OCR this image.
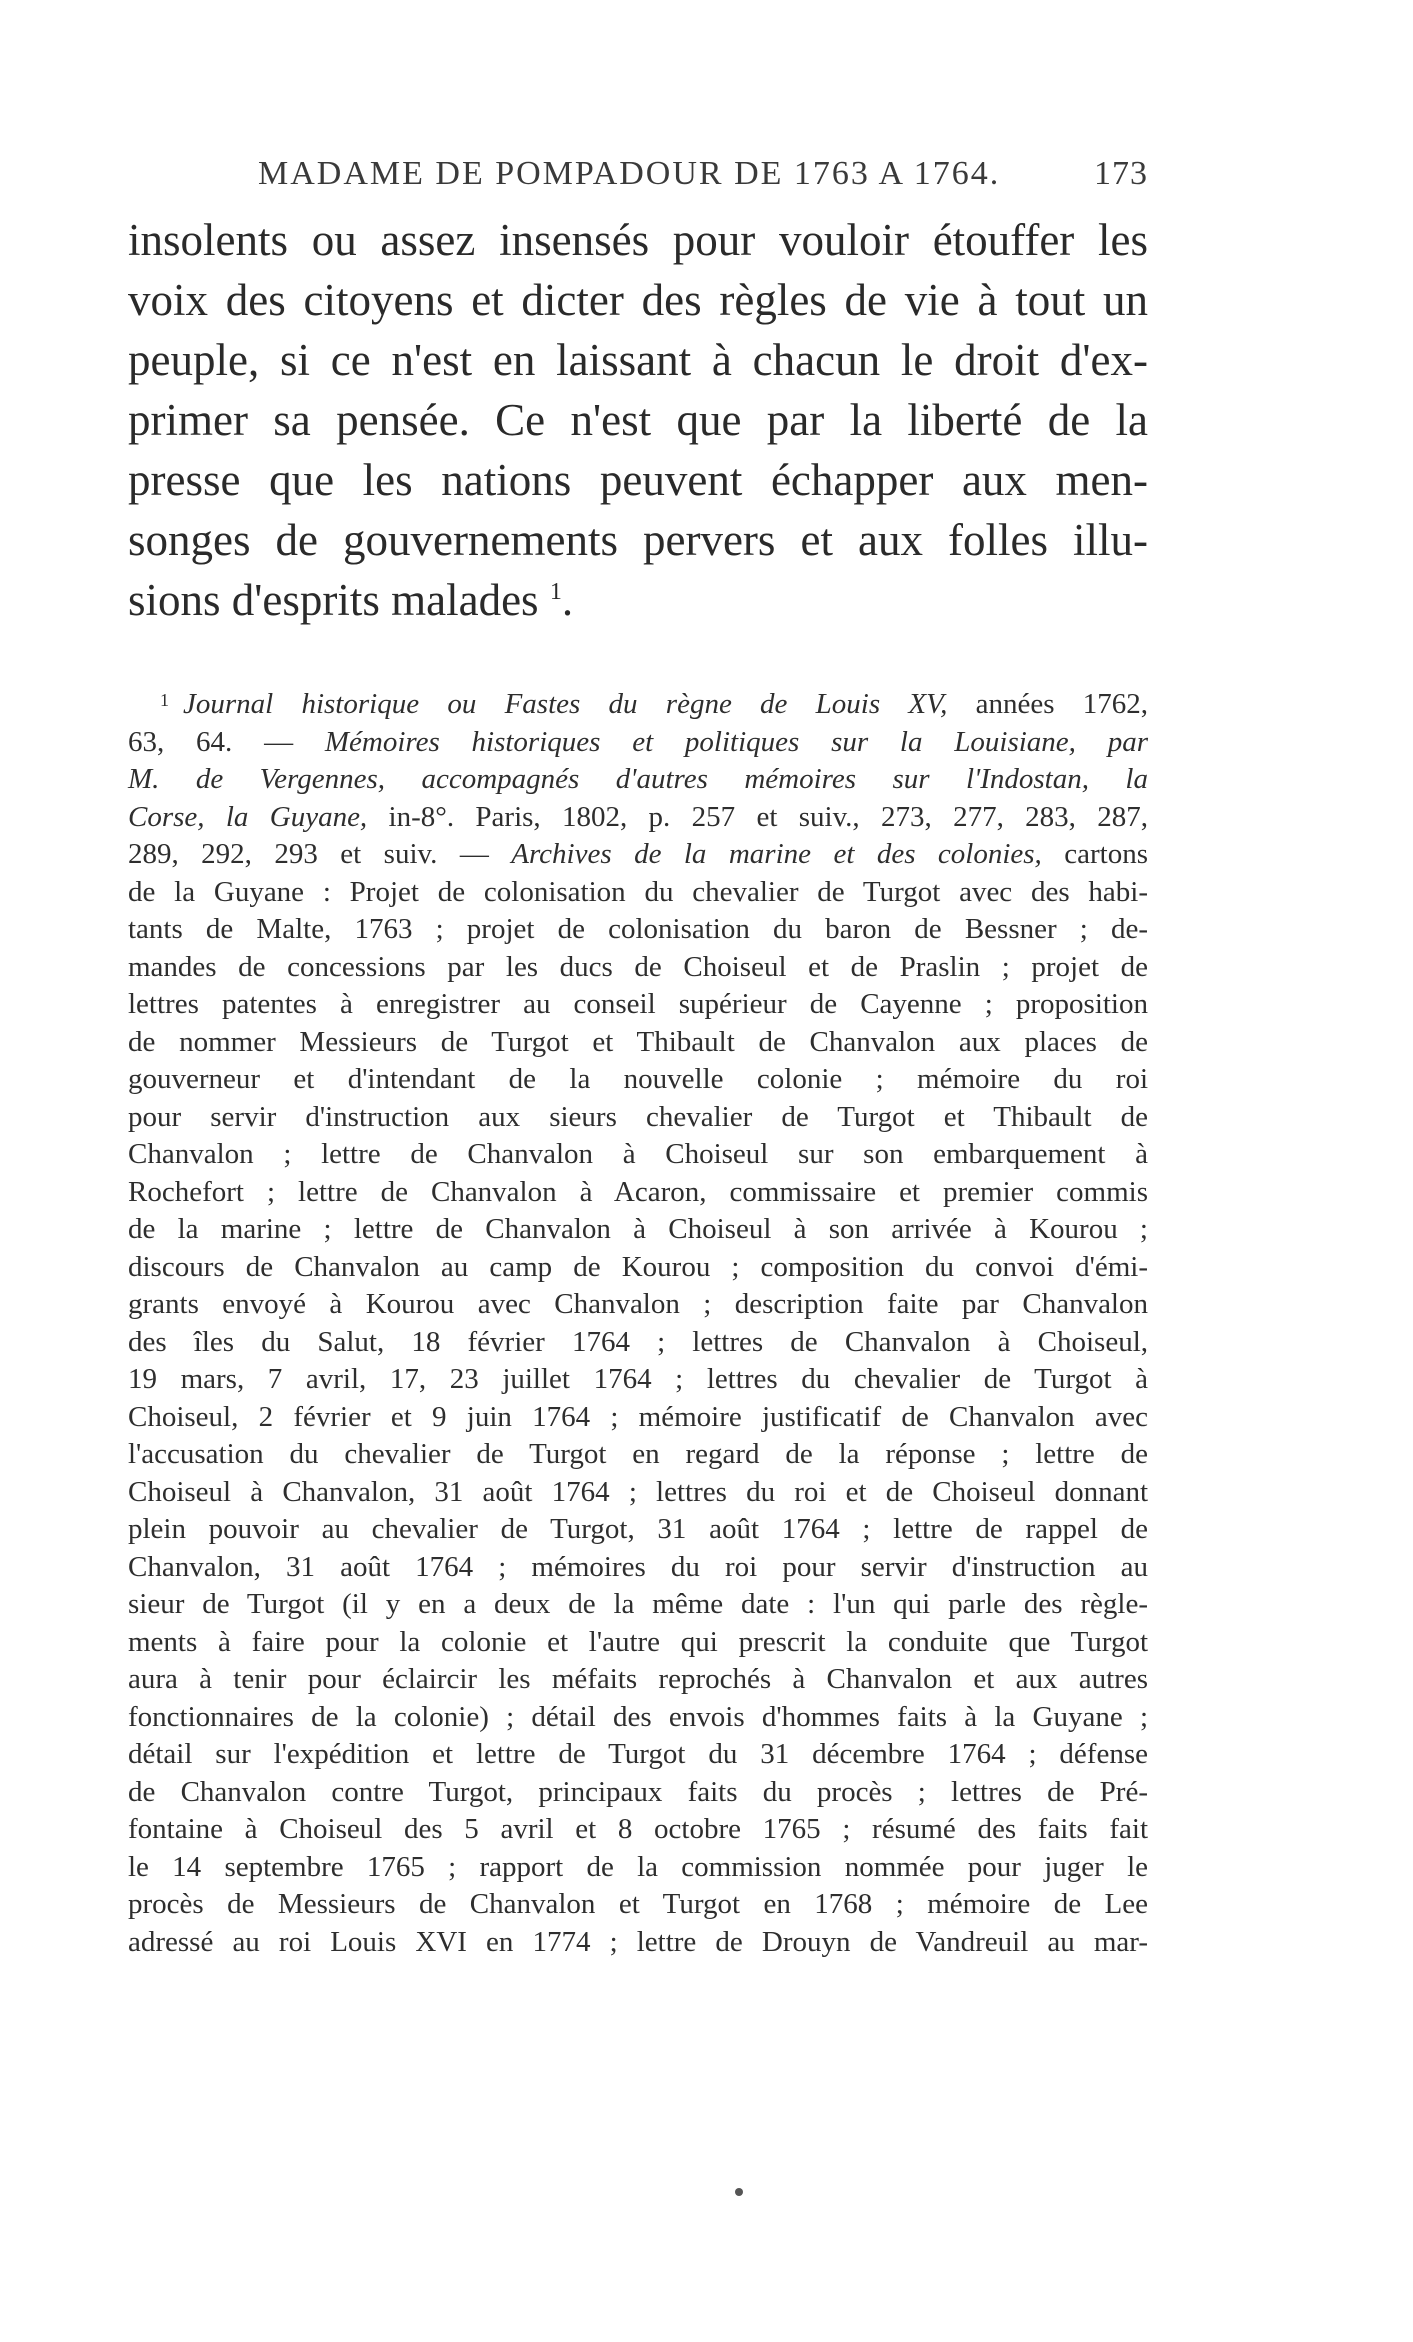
MADAME DE POMPADOUR DE 1763 A 1764.	173
insolents ou assez insensés pour vouloir étouffer les
voix des citoyens et dicter des règles de vie à tout un
peuple, si ce n'est en laissant à chacun le droit d'ex-
primer sa pensée. Ce n'est que par la liberté de la
presse que les nations peuvent échapper aux men-
songes de gouvernements pervers et aux folles illu-
sions d'esprits malades $^1$.
$^1$ Journal historique ou Fastes du règne de Louis XV, années 1762,
63, 64. — Mémoires historiques et politiques sur la Louisiane, par
M. de Vergennes, accompagnés d'autres mémoires sur l'Indostan, la
Corse, la Guyane, in-8°. Paris, 1802, p. 257 et suiv., 273, 277, 283, 287,
289, 292, 293 et suiv. — Archives de la marine et des colonies, cartons
de la Guyane : Projet de colonisation du chevalier de Turgot avec des habi-
tants de Malte, 1763 ; projet de colonisation du baron de Bessner ; de-
mandes de concessions par les ducs de Choiseul et de Praslin ; projet de
lettres patentes à enregistrer au conseil supérieur de Cayenne ; proposition
de nommer Messieurs de Turgot et Thibault de Chanvalon aux places de
gouverneur et d'intendant de la nouvelle colonie ; mémoire du roi
pour servir d'instruction aux sieurs chevalier de Turgot et Thibault de
Chanvalon ; lettre de Chanvalon à Choiseul sur son embarquement à
Rochefort ; lettre de Chanvalon à Acaron, commissaire et premier commis
de la marine ; lettre de Chanvalon à Choiseul à son arrivée à Kourou ;
discours de Chanvalon au camp de Kourou ; composition du convoi d'émi-
grants envoyé à Kourou avec Chanvalon ; description faite par Chanvalon
des îles du Salut, 18 février 1764 ; lettres de Chanvalon à Choiseul,
19 mars, 7 avril, 17, 23 juillet 1764 ; lettres du chevalier de Turgot à
Choiseul, 2 février et 9 juin 1764 ; mémoire justificatif de Chanvalon avec
l'accusation du chevalier de Turgot en regard de la réponse ; lettre de
Choiseul à Chanvalon, 31 août 1764 ; lettres du roi et de Choiseul donnant
plein pouvoir au chevalier de Turgot, 31 août 1764 ; lettre de rappel de
Chanvalon, 31 août 1764 ; mémoires du roi pour servir d'instruction au
sieur de Turgot (il y en a deux de la même date : l'un qui parle des règle-
ments à faire pour la colonie et l'autre qui prescrit la conduite que Turgot
aura à tenir pour éclaircir les méfaits reprochés à Chanvalon et aux autres
fonctionnaires de la colonie) ; détail des envois d'hommes faits à la Guyane ;
détail sur l'expédition et lettre de Turgot du 31 décembre 1764 ; défense
de Chanvalon contre Turgot, principaux faits du procès ; lettres de Pré-
fontaine à Choiseul des 5 avril et 8 octobre 1765 ; résumé des faits fait
le 14 septembre 1765 ; rapport de la commission nommée pour juger le
procès de Messieurs de Chanvalon et Turgot en 1768 ; mémoire de Lee
adressé au roi Louis XVI en 1774 ; lettre de Drouyn de Vandreuil au mar-
